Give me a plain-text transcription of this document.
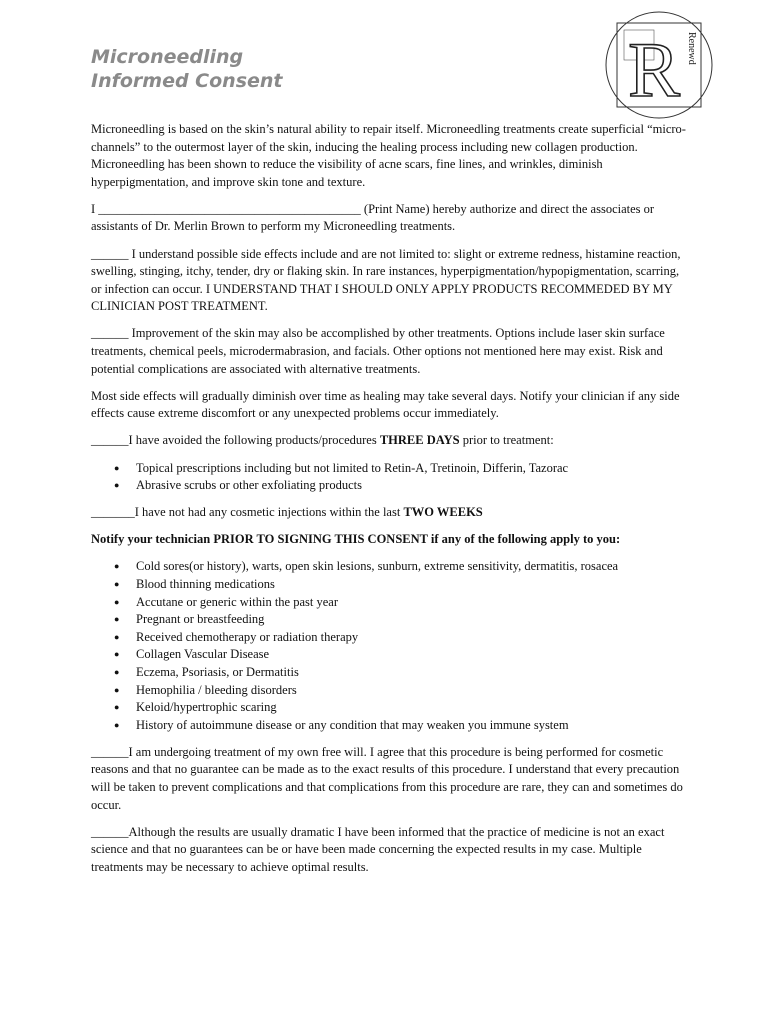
Microneedling
Informed Consent	R Renewd

Microneedling is based on the skin’s natural ability to repair itself. Microneedling treatments create superficial “micro-channels” to the outermost layer of the skin, inducing the healing process including new collagen production. Microneedling has been shown to reduce the visibility of acne scars, fine lines, and wrinkles, diminish hyperpigmentation, and improve skin tone and texture.

I __________________________________________ (Print Name) hereby authorize and direct the associates or assistants of Dr. Merlin Brown to perform my Microneedling treatments.

______ I understand possible side effects include and are not limited to: slight or extreme redness, histamine reaction, swelling, stinging, itchy, tender, dry or flaking skin. In rare instances, hyperpigmentation/hypopigmentation, scarring, or infection can occur. I UNDERSTAND THAT I SHOULD ONLY APPLY PRODUCTS RECOMMEDED BY MY CLINICIAN POST TREATMENT.

______ Improvement of the skin may also be accomplished by other treatments. Options include laser skin surface treatments, chemical peels, microdermabrasion, and facials. Other options not mentioned here may exist. Risk and potential complications are associated with alternative treatments.

Most side effects will gradually diminish over time as healing may take several days. Notify your clinician if any side effects cause extreme discomfort or any unexpected problems occur immediately.

______I have avoided the following products/procedures THREE DAYS prior to treatment:

● Topical prescriptions including but not limited to Retin-A, Tretinoin, Differin, Tazorac
● Abrasive scrubs or other exfoliating products

_______I have not had any cosmetic injections within the last TWO WEEKS

Notify your technician PRIOR TO SIGNING THIS CONSENT if any of the following apply to you:

● Cold sores(or history), warts, open skin lesions, sunburn, extreme sensitivity, dermatitis, rosacea
● Blood thinning medications
● Accutane or generic within the past year
● Pregnant or breastfeeding
● Received chemotherapy or radiation therapy
● Collagen Vascular Disease
● Eczema, Psoriasis, or Dermatitis
● Hemophilia / bleeding disorders
● Keloid/hypertrophic scaring
● History of autoimmune disease or any condition that may weaken you immune system

______I am undergoing treatment of my own free will. I agree that this procedure is being performed for cosmetic reasons and that no guarantee can be made as to the exact results of this procedure. I understand that every precaution will be taken to prevent complications and that complications from this procedure are rare, they can and sometimes do occur.

______Although the results are usually dramatic I have been informed that the practice of medicine is not an exact science and that no guarantees can be or have been made concerning the expected results in my case. Multiple treatments may be necessary to achieve optimal results.
